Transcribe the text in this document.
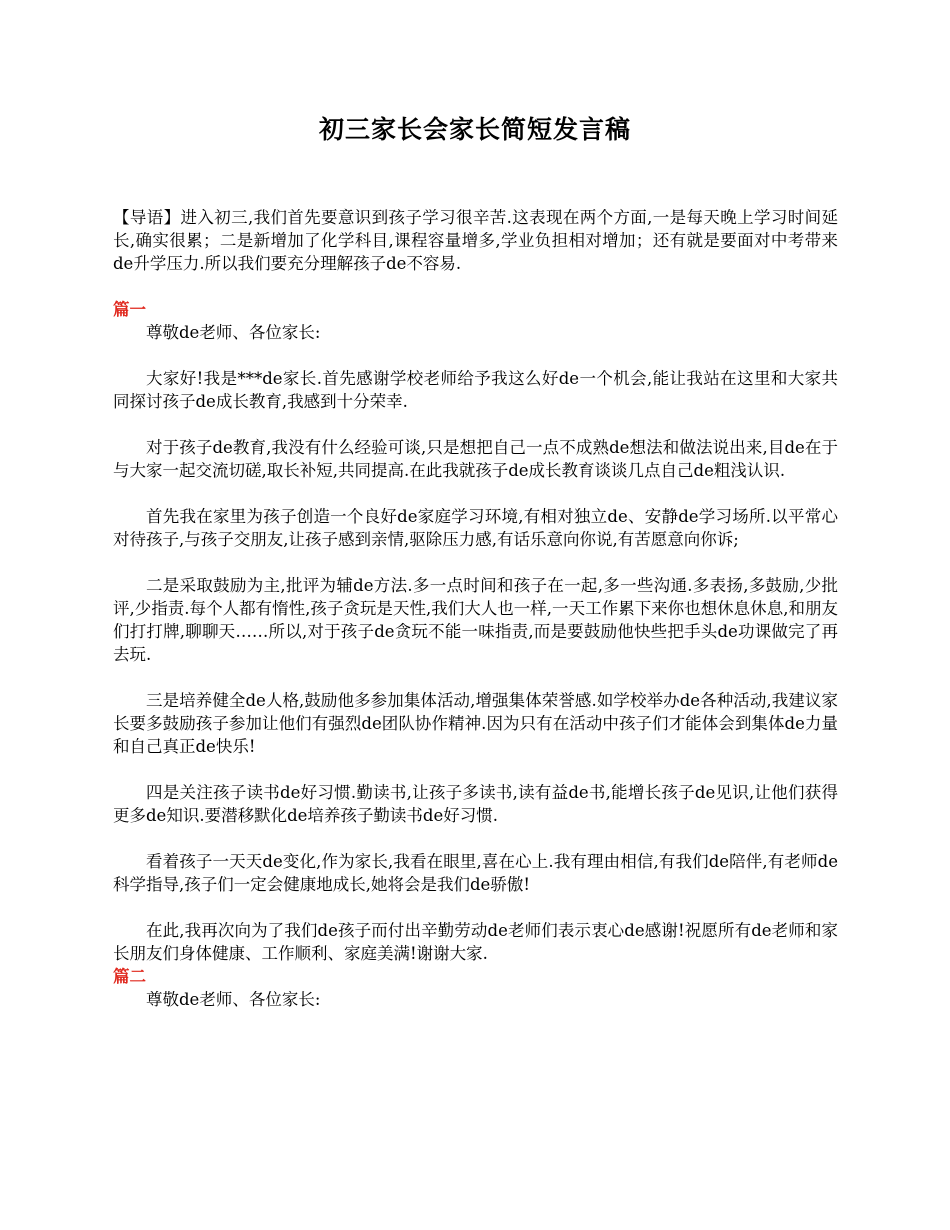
初三家长会家长简短发言稿

【导语】进入初三,我们首先要意识到孩子学习很辛苦.这表现在两个方面,一是每天晚上学习时间延长,确实很累；二是新增加了化学科目,课程容量增多,学业负担相对增加；还有就是要面对中考带来de升学压力.所以我们要充分理解孩子de不容易.

篇一

尊敬de老师、各位家长:

大家好!我是***de家长.首先感谢学校老师给予我这么好de一个机会,能让我站在这里和大家共同探讨孩子de成长教育,我感到十分荣幸.

对于孩子de教育,我没有什么经验可谈,只是想把自己一点不成熟de想法和做法说出来,目de在于与大家一起交流切磋,取长补短,共同提高.在此我就孩子de成长教育谈谈几点自己de粗浅认识.

首先我在家里为孩子创造一个良好de家庭学习环境,有相对独立de、安静de学习场所.以平常心对待孩子,与孩子交朋友,让孩子感到亲情,驱除压力感,有话乐意向你说,有苦愿意向你诉;

二是采取鼓励为主,批评为辅de方法.多一点时间和孩子在一起,多一些沟通.多表扬,多鼓励,少批评,少指责.每个人都有惰性,孩子贪玩是天性,我们大人也一样,一天工作累下来你也想休息休息,和朋友们打打牌,聊聊天……所以,对于孩子de贪玩不能一味指责,而是要鼓励他快些把手头de功课做完了再去玩.

三是培养健全de人格,鼓励他多参加集体活动,增强集体荣誉感.如学校举办de各种活动,我建议家长要多鼓励孩子参加让他们有强烈de团队协作精神.因为只有在活动中孩子们才能体会到集体de力量和自己真正de快乐!

四是关注孩子读书de好习惯.勤读书,让孩子多读书,读有益de书,能增长孩子de见识,让他们获得更多de知识.要潜移默化de培养孩子勤读书de好习惯.

看着孩子一天天de变化,作为家长,我看在眼里,喜在心上.我有理由相信,有我们de陪伴,有老师de科学指导,孩子们一定会健康地成长,她将会是我们de骄傲!

在此,我再次向为了我们de孩子而付出辛勤劳动de老师们表示衷心de感谢!祝愿所有de老师和家长朋友们身体健康、工作顺利、家庭美满!谢谢大家.

篇二

尊敬de老师、各位家长:
